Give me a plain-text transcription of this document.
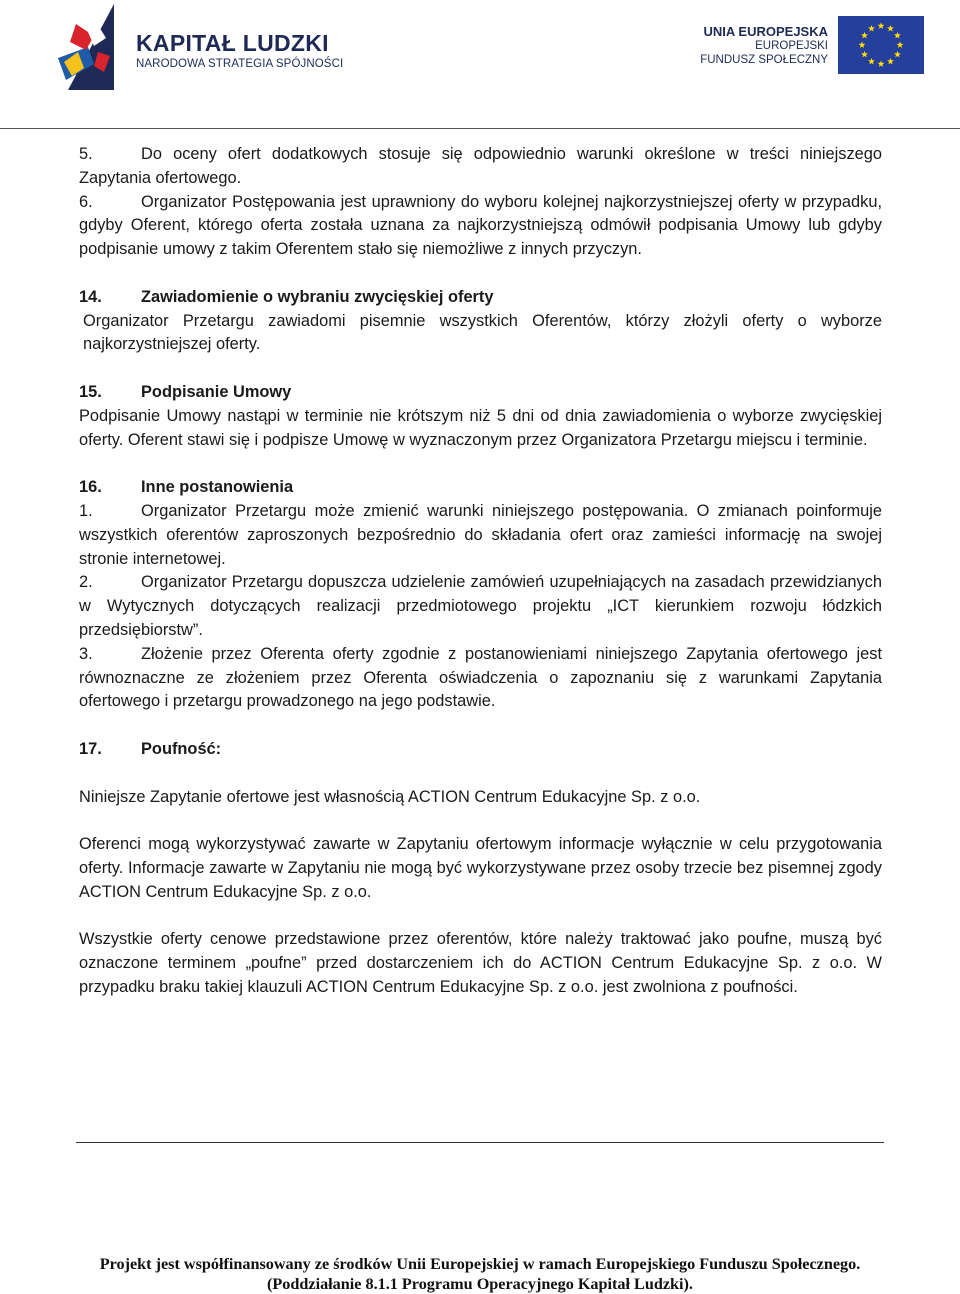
KAPITAŁ LUDZKI
NARODOWA STRATEGIA SPÓJNOŚCI
UNIA EUROPEJSKA
EUROPEJSKI
FUNDUSZ SPOŁECZNY

5.	Do oceny ofert dodatkowych stosuje się odpowiednio warunki określone w treści niniejszego Zapytania ofertowego.

6.	Organizator Postępowania jest uprawniony do wyboru kolejnej najkorzystniejszej oferty w przypadku, gdyby Oferent, którego oferta została uznana za najkorzystniejszą odmówił podpisania Umowy lub gdyby podpisanie umowy z takim Oferentem stało się niemożliwe z innych przyczyn.

14. Zawiadomienie o wybraniu zwycięskiej oferty

Organizator Przetargu zawiadomi pisemnie wszystkich Oferentów, którzy złożyli oferty o wyborze najkorzystniejszej oferty.

15. Podpisanie Umowy

Podpisanie Umowy nastąpi w terminie nie krótszym niż 5 dni od dnia zawiadomienia o wyborze zwycięskiej oferty. Oferent stawi się i podpisze Umowę w wyznaczonym przez Organizatora Przetargu miejscu i terminie.

16. Inne postanowienia

1.	Organizator Przetargu może zmienić warunki niniejszego postępowania. O zmianach poinformuje wszystkich oferentów zaproszonych bezpośrednio do składania ofert oraz zamieści informację na swojej stronie internetowej.

2.	Organizator Przetargu dopuszcza udzielenie zamówień uzupełniających na zasadach przewidzianych w Wytycznych dotyczących realizacji przedmiotowego projektu „ICT kierunkiem rozwoju łódzkich przedsiębiorstw”.

3.	Złożenie przez Oferenta oferty zgodnie z postanowieniami niniejszego Zapytania ofertowego jest równoznaczne ze złożeniem przez Oferenta oświadczenia o zapoznaniu się z warunkami Zapytania ofertowego i przetargu prowadzonego na jego podstawie.

17. Poufność:

Niniejsze Zapytanie ofertowe jest własnością ACTION Centrum Edukacyjne Sp. z o.o.

Oferenci mogą wykorzystywać zawarte w Zapytaniu ofertowym informacje wyłącznie w celu przygotowania oferty. Informacje zawarte w Zapytaniu nie mogą być wykorzystywane przez osoby trzecie bez pisemnej zgody ACTION Centrum Edukacyjne Sp. z o.o.

Wszystkie oferty cenowe przedstawione przez oferentów, które należy traktować jako poufne, muszą być oznaczone terminem „poufne” przed dostarczeniem ich do ACTION Centrum Edukacyjne Sp. z o.o. W przypadku braku takiej klauzuli ACTION Centrum Edukacyjne Sp. z o.o. jest zwolniona z poufności.

Projekt jest współfinansowany ze środków Unii Europejskiej w ramach Europejskiego Funduszu Społecznego.
(Poddziałanie 8.1.1 Programu Operacyjnego Kapitał Ludzki).
